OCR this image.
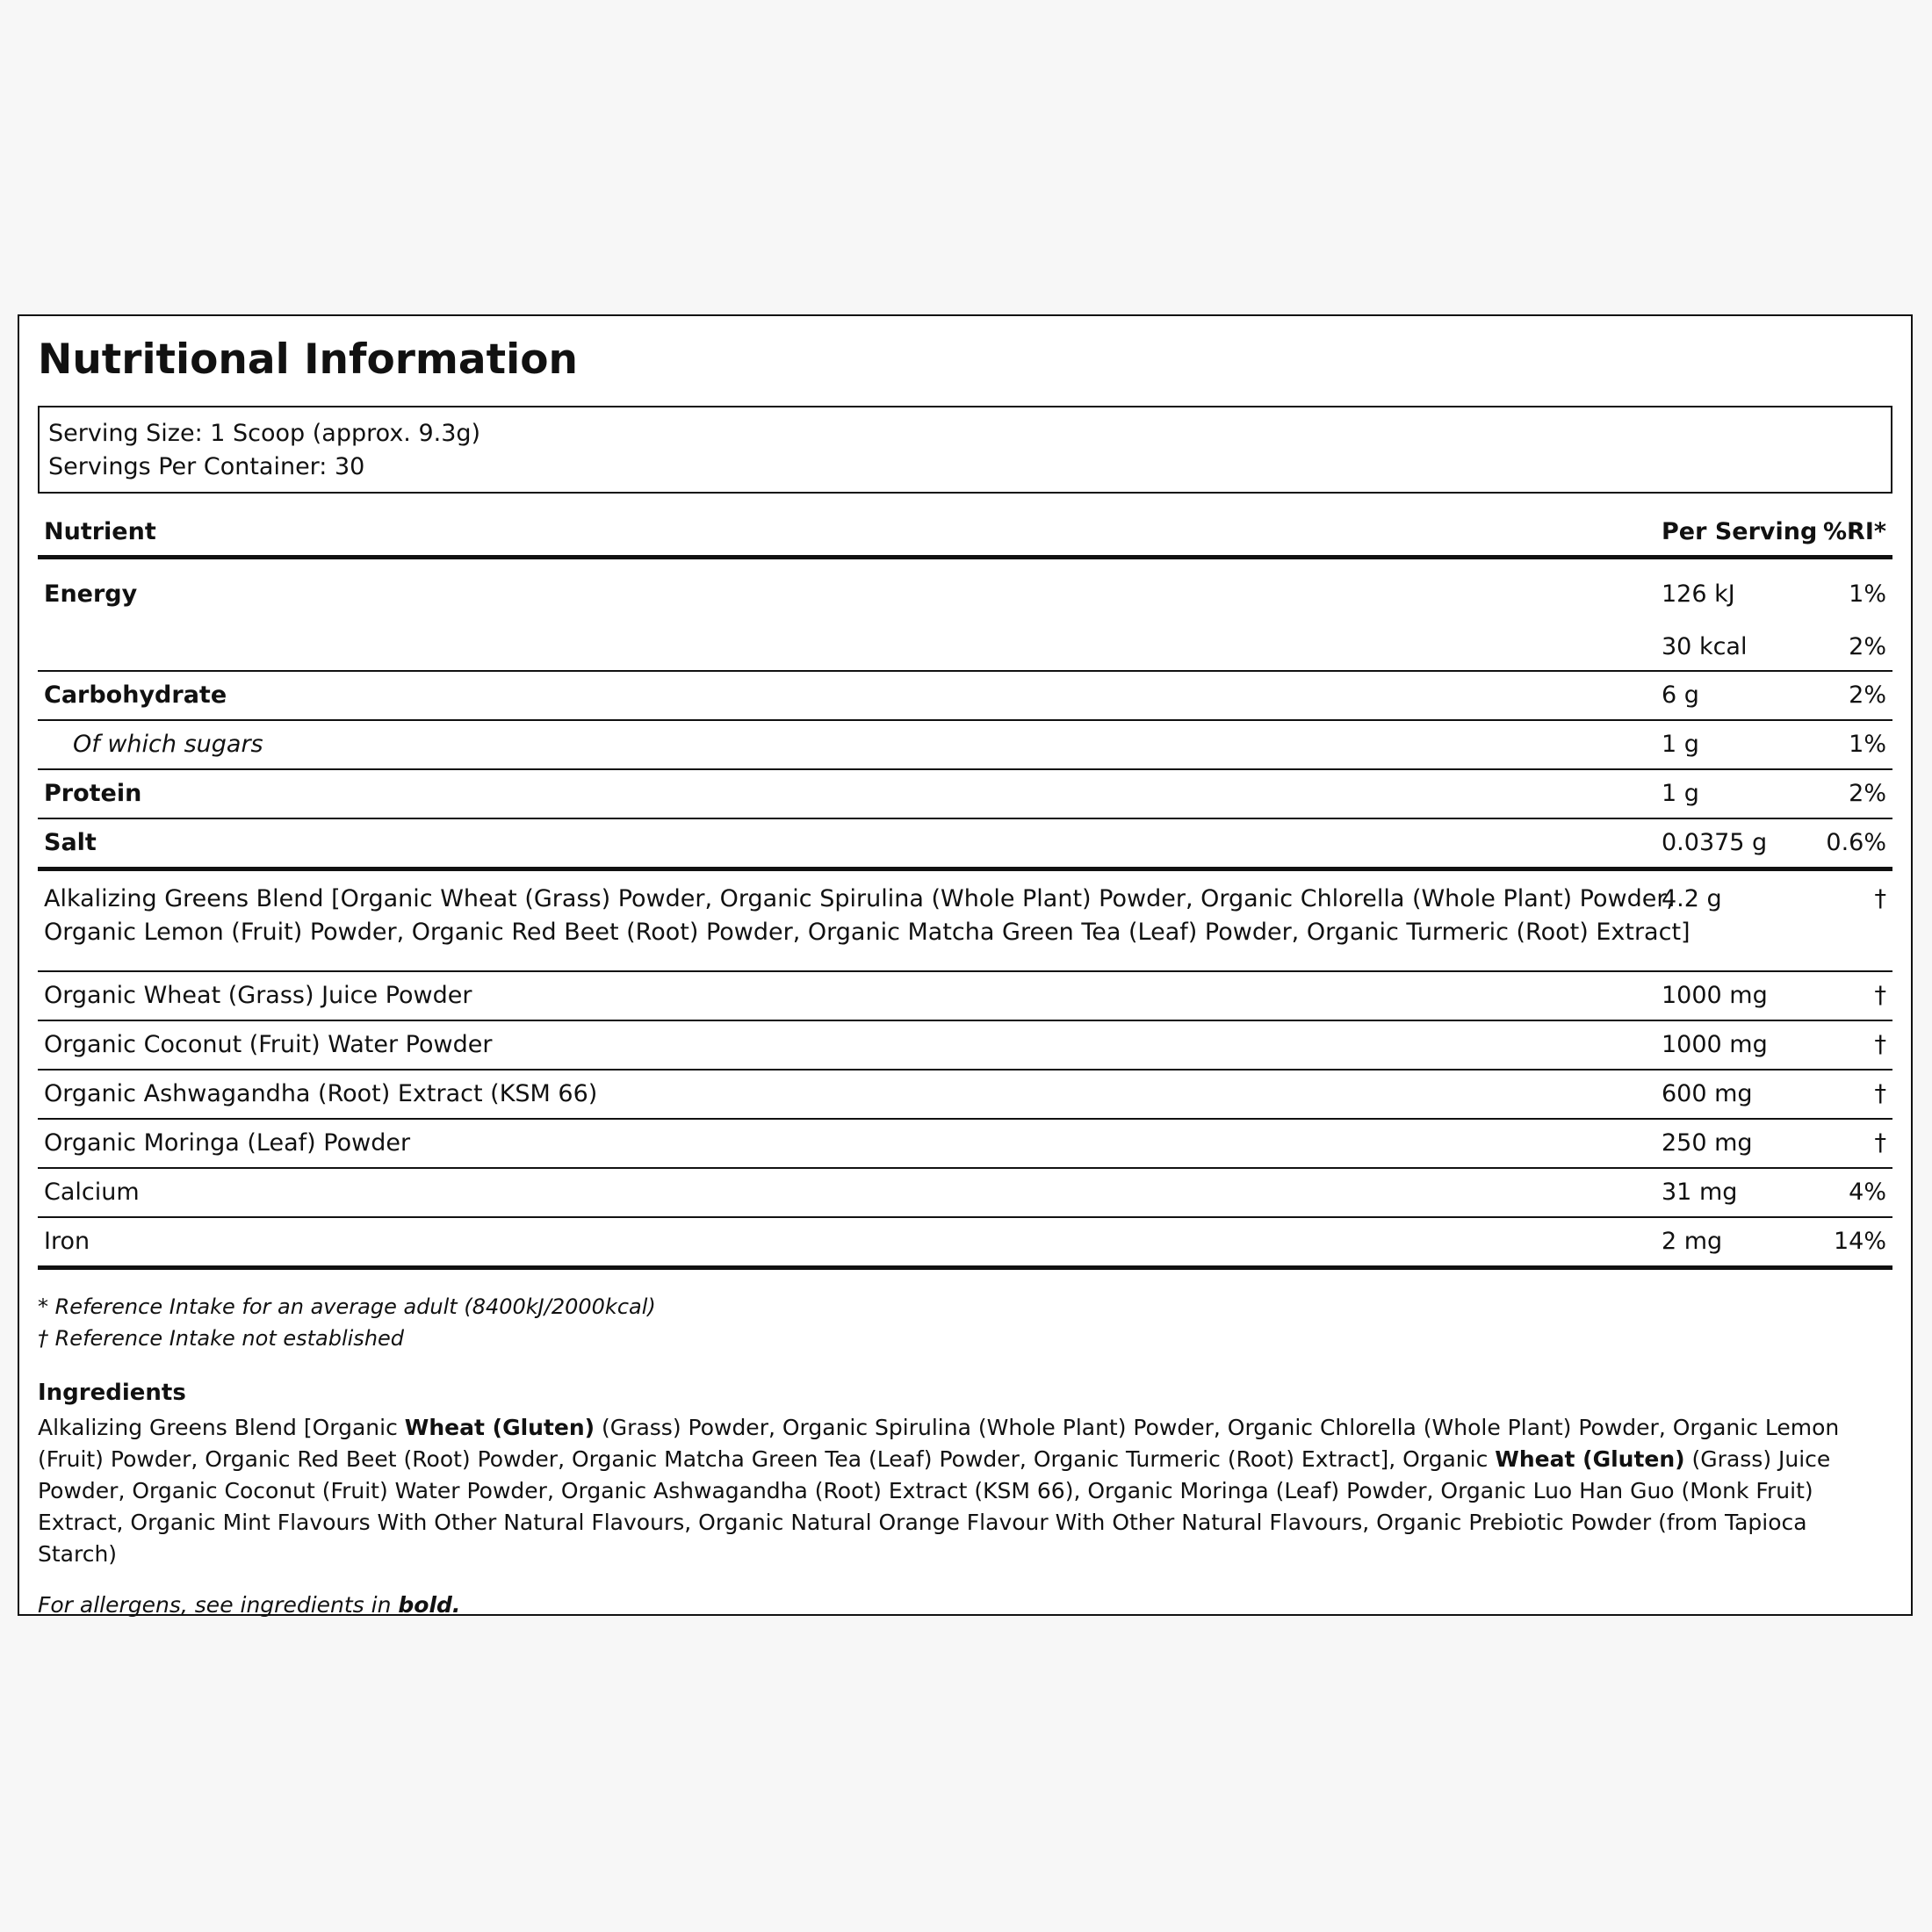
Nutritional Information
Serving Size: 1 Scoop (approx. 9.3g)
Servings Per Container: 30
Nutrient	Per Serving	%RI*
Energy	126 kJ	1%
	30 kcal	2%
Carbohydrate	6 g	2%
Of which sugars	1 g	1%
Protein	1 g	2%
Salt	0.0375 g	0.6%

Alkalizing Greens Blend [Organic Wheat (Grass) Powder, Organic Spirulina (Whole Plant) Powder, Organic Chlorella (Whole Plant) Powder,
Organic Lemon (Fruit) Powder, Organic Red Beet (Root) Powder, Organic Matcha Green Tea (Leaf) Powder, Organic Turmeric (Root) Extract]	4.2 g	†
Organic Wheat (Grass) Juice Powder	1000 mg	†
Organic Coconut (Fruit) Water Powder	1000 mg	†
Organic Ashwagandha (Root) Extract (KSM 66)	600 mg	†
Organic Moringa (Leaf) Powder	250 mg	†
Calcium	31 mg	4%
Iron	2 mg	14%
* Reference Intake for an average adult (8400kJ/2000kcal)
† Reference Intake not established
Ingredients
Alkalizing Greens Blend [Organic Wheat (Gluten) (Grass) Powder, Organic Spirulina (Whole Plant) Powder, Organic Chlorella (Whole Plant) Powder, Organic Lemon (Fruit) Powder, Organic Red Beet (Root) Powder, Organic Matcha Green Tea (Leaf) Powder, Organic Turmeric (Root) Extract], Organic Wheat (Gluten) (Grass) Juice Powder, Organic Coconut (Fruit) Water Powder, Organic Ashwagandha (Root) Extract (KSM 66), Organic Moringa (Leaf) Powder, Organic Luo Han Guo (Monk Fruit) Extract, Organic Mint Flavours With Other Natural Flavours, Organic Natural Orange Flavour With Other Natural Flavours, Organic Prebiotic Powder (from Tapioca Starch)
For allergens, see ingredients in bold.
